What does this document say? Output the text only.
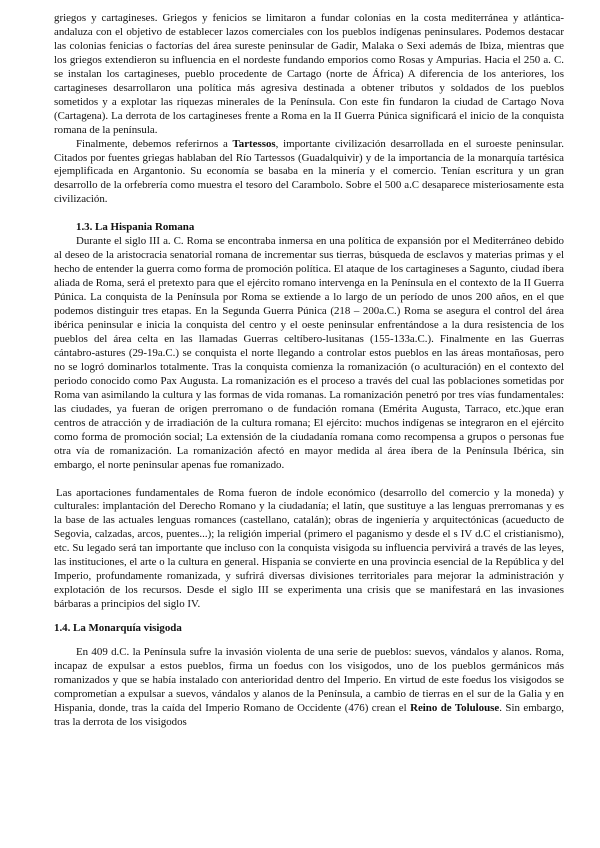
griegos y cartagineses. Griegos y fenicios se limitaron a fundar colonias en la costa mediterránea y atlántica-andaluza con el objetivo de establecer lazos comerciales con los pueblos indígenas peninsulares. Podemos destacar las colonias fenicias o factorías del área sureste peninsular de Gadir, Malaka o Sexi además de Ibiza, mientras que los griegos extendieron su influencia en el nordeste fundando emporios como Rosas y Ampurias. Hacia el 250 a. C. se instalan los cartagineses, pueblo procedente de Cartago (norte de África) A diferencia de los anteriores, los cartagineses desarrollaron una política más agresiva destinada a obtener tributos y soldados de los pueblos sometidos y a explotar las riquezas minerales de la Península. Con este fin fundaron la ciudad de Cartago Nova (Cartagena). La derrota de los cartagineses frente a Roma en la II Guerra Púnica significará el inicio de la conquista romana de la península.

Finalmente, debemos referirnos a Tartessos, importante civilización desarrollada en el suroeste peninsular. Citados por fuentes griegas hablaban del Río Tartessos (Guadalquivir) y de la importancia de la monarquía tartésica ejemplificada en Argantonio. Su economía se basaba en la minería y el comercio. Tenían escritura y un gran desarrollo de la orfebrería como muestra el tesoro del Carambolo. Sobre el 500 a.C desaparece misteriosamente esta civilización.

1.3. La Hispania Romana

Durante el siglo III a. C. Roma se encontraba inmersa en una política de expansión por el Mediterráneo debido al deseo de la aristocracia senatorial romana de incrementar sus tierras, búsqueda de esclavos y materias primas y el hecho de entender la guerra como forma de promoción política. El ataque de los cartagineses a Sagunto, ciudad íbera aliada de Roma, será el pretexto para que el ejército romano intervenga en la Península en el contexto de la II Guerra Púnica. La conquista de la Península por Roma se extiende a lo largo de un período de unos 200 años, en el que podemos distinguir tres etapas. En la Segunda Guerra Púnica (218 – 200a.C.) Roma se asegura el control del área ibérica peninsular e inicia la conquista del centro y el oeste peninsular enfrentándose a la dura resistencia de los pueblos del área celta en las llamadas Guerras celtíbero-lusitanas (155-133a.C.). Finalmente en las Guerras cántabro-astures (29-19a.C.) se conquista el norte llegando a controlar estos pueblos en las áreas montañosas, pero no se logró dominarlos totalmente. Tras la conquista comienza la romanización (o aculturación) en el contexto del periodo conocido como Pax Augusta. La romanización es el proceso a través del cual las poblaciones sometidas por Roma van asimilando la cultura y las formas de vida romanas. La romanización penetró por tres vías fundamentales: las ciudades, ya fueran de origen prerromano o de fundación romana (Emérita Augusta, Tarraco, etc.)que eran centros de atracción y de irradiación de la cultura romana; El ejército: muchos indígenas se integraron en el ejército como forma de promoción social; La extensión de la ciudadanía romana como recompensa a grupos o personas fue otra vía de romanización. La romanización afectó en mayor medida al área íbera de la Península Ibérica, sin embargo, el norte peninsular apenas fue romanizado.

Las aportaciones fundamentales de Roma fueron de índole económico (desarrollo del comercio y la moneda) y culturales: implantación del Derecho Romano y la ciudadanía; el latín, que sustituye a las lenguas prerromanas y es la base de las actuales lenguas romances (castellano, catalán); obras de ingeniería y arquitectónicas (acueducto de Segovia, calzadas, arcos, puentes...); la religión imperial (primero el paganismo y desde el s IV d.C el cristianismo), etc. Su legado será tan importante que incluso con la conquista visigoda su influencia pervivirá a través de las leyes, las instituciones, el arte o la cultura en general. Hispania se convierte en una provincia esencial de la República y del Imperio, profundamente romanizada, y sufrirá diversas divisiones territoriales para mejorar la administración y explotación de los recursos. Desde el siglo III se experimenta una crisis que se manifestará en las invasiones bárbaras a principios del siglo IV.

1.4. La Monarquía visigoda

En 409 d.C. la Península sufre la invasión violenta de una serie de pueblos: suevos, vándalos y alanos. Roma, incapaz de expulsar a estos pueblos, firma un foedus con los visigodos, uno de los pueblos germánicos más romanizados y que se había instalado con anterioridad dentro del Imperio. En virtud de este foedus los visigodos se comprometían a expulsar a suevos, vándalos y alanos de la Península, a cambio de tierras en el sur de la Galia y en Hispania, donde, tras la caída del Imperio Romano de Occidente (476) crean el Reino de Tolulouse. Sin embargo, tras la derrota de los visigodos
